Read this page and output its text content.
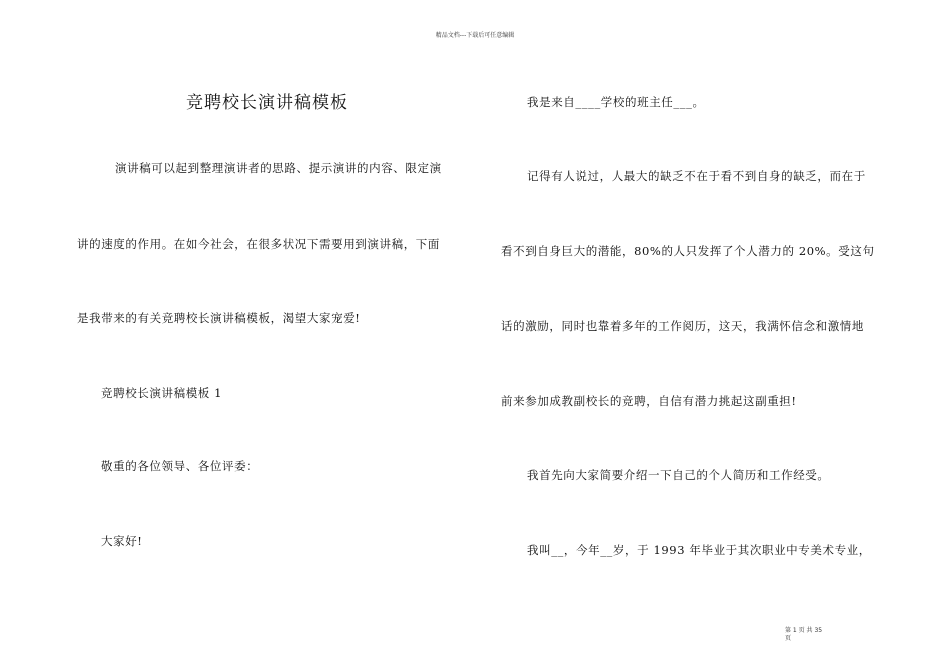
精品文档---下载后可任意编辑
竞聘校长演讲稿模板
演讲稿可以起到整理演讲者的思路、提示演讲的内容、限定演
讲的速度的作用。在如今社会，在很多状况下需要用到演讲稿，下面
是我带来的有关竞聘校长演讲稿模板，渴望大家宠爱!
竞聘校长演讲稿模板 1
敬重的各位领导、各位评委：
大家好!
我是来自____学校的班主任___。
记得有人说过，人最大的缺乏不在于看不到自身的缺乏，而在于
看不到自身巨大的潜能，80%的人只发挥了个人潜力的 20%。受这句
话的激励，同时也靠着多年的工作阅历，这天，我满怀信念和激情地
前来参加成教副校长的竞聘，自信有潜力挑起这副重担!
我首先向大家简要介绍一下自己的个人简历和工作经受。
我叫__，今年__岁，于 1993 年毕业于其次职业中专美术专业，
第 1 页 共 35 页
